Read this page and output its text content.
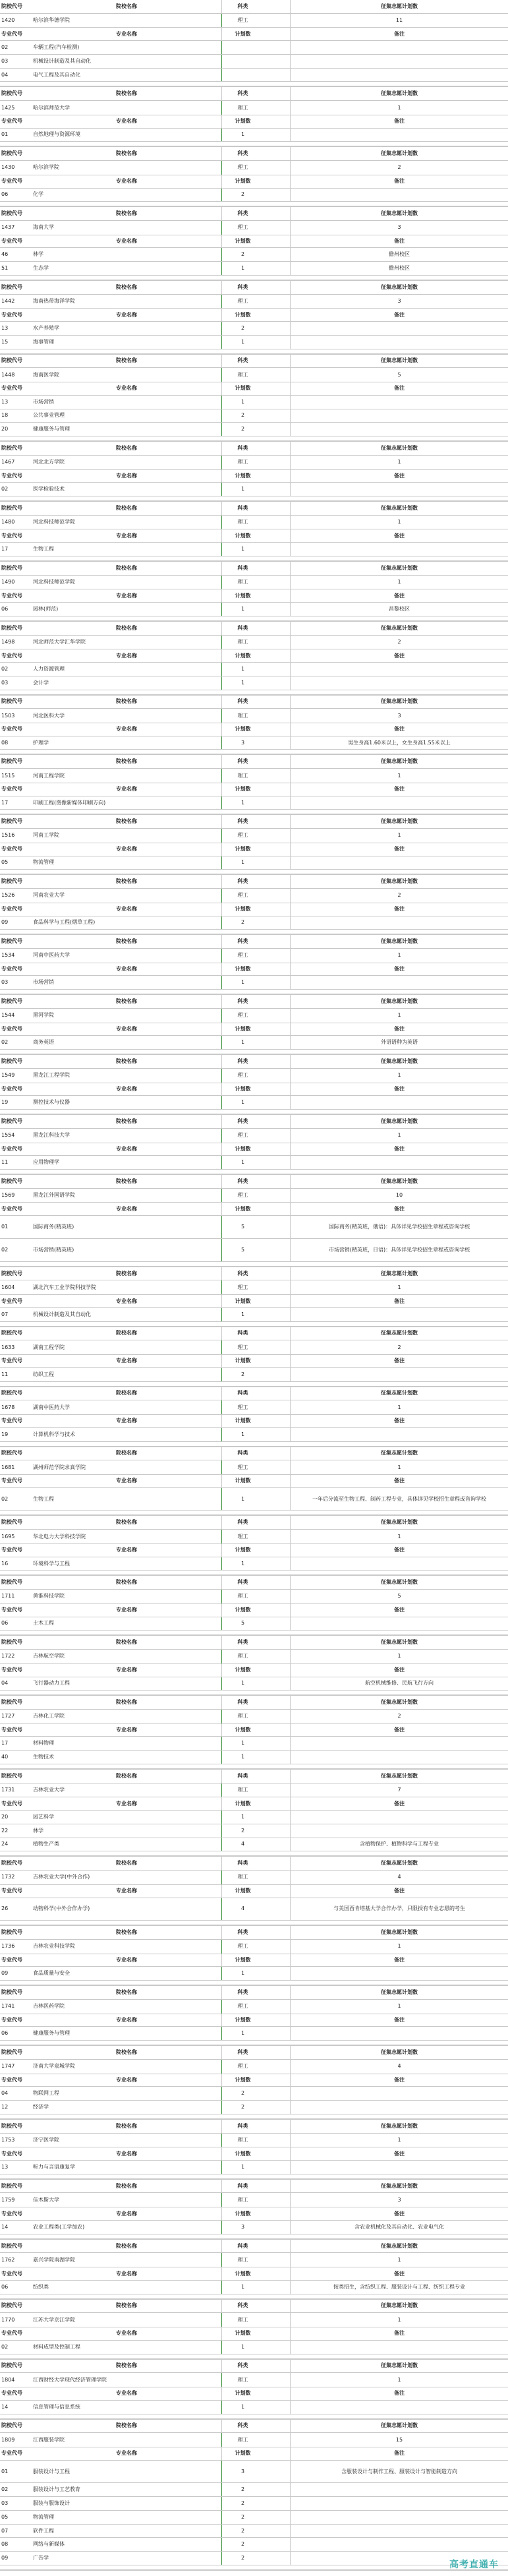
院校代号	院校名称	科类	征集志愿计划数
1420	哈尔滨华德学院	理工	11
专业代号	专业名称	计划数	备注
02	车辆工程(汽车检测)
03	机械设计制造及其自动化
04	电气工程及其自动化
院校代号	院校名称	科类	征集志愿计划数
1425	哈尔滨师范大学	理工	1
专业代号	专业名称	计划数	备注
01	自然地理与资源环境	1
院校代号	院校名称	科类	征集志愿计划数
1430	哈尔滨学院	理工	2
专业代号	专业名称	计划数	备注
06	化学	2
院校代号	院校名称	科类	征集志愿计划数
1437	海南大学	理工	3
专业代号	专业名称	计划数	备注
46	林学	2	儋州校区
51	生态学	1	儋州校区
院校代号	院校名称	科类	征集志愿计划数
1442	海南热带海洋学院	理工	3
专业代号	专业名称	计划数	备注
13	水产养殖学	2
15	海事管理	1
院校代号	院校名称	科类	征集志愿计划数
1448	海南医学院	理工	5
专业代号	专业名称	计划数	备注
13	市场营销	1
18	公共事业管理	2
20	健康服务与管理	2
院校代号	院校名称	科类	征集志愿计划数
1467	河北北方学院	理工	1
专业代号	专业名称	计划数	备注
02	医学检验技术	1
院校代号	院校名称	科类	征集志愿计划数
1480	河北科技师范学院	理工	1
专业代号	专业名称	计划数	备注
17	生物工程	1
院校代号	院校名称	科类	征集志愿计划数
1490	河北科技师范学院	理工	1
专业代号	专业名称	计划数	备注
06	园林(师范)	1	昌黎校区
院校代号	院校名称	科类	征集志愿计划数
1498	河北师范大学汇华学院	理工	2
专业代号	专业名称	计划数	备注
02	人力资源管理	1
03	会计学	1
院校代号	院校名称	科类	征集志愿计划数
1503	河北医科大学	理工	3
专业代号	专业名称	计划数	备注
08	护理学	3	男生身高1.60米以上，女生身高1.55米以上
院校代号	院校名称	科类	征集志愿计划数
1515	河南工程学院	理工	1
专业代号	专业名称	计划数	备注
17	印刷工程(图像新媒体印刷方向)	1
院校代号	院校名称	科类	征集志愿计划数
1516	河南工学院	理工	1
专业代号	专业名称	计划数	备注
05	物流管理	1
院校代号	院校名称	科类	征集志愿计划数
1526	河南农业大学	理工	2
专业代号	专业名称	计划数	备注
09	食品科学与工程(烟草工程)	2
院校代号	院校名称	科类	征集志愿计划数
1534	河南中医药大学	理工	1
专业代号	专业名称	计划数	备注
03	市场营销	1
院校代号	院校名称	科类	征集志愿计划数
1544	黑河学院	理工	1
专业代号	专业名称	计划数	备注
02	商务英语	1	外语语种为英语
院校代号	院校名称	科类	征集志愿计划数
1549	黑龙江工程学院	理工	1
专业代号	专业名称	计划数	备注
19	测控技术与仪器	1
院校代号	院校名称	科类	征集志愿计划数
1554	黑龙江科技大学	理工	1
专业代号	专业名称	计划数	备注
11	应用物理学	1
院校代号	院校名称	科类	征集志愿计划数
1569	黑龙江外国语学院	理工	10
专业代号	专业名称	计划数	备注
01	国际商务(精英班)	5	国际商务(精英班，俄语)：具体详见学校招生章程或咨询学校
02	市场营销(精英班)	5	市场营销(精英班，日语)：具体详见学校招生章程或咨询学校
院校代号	院校名称	科类	征集志愿计划数
1604	湖北汽车工业学院科技学院	理工	1
专业代号	专业名称	计划数	备注
07	机械设计制造及其自动化	1
院校代号	院校名称	科类	征集志愿计划数
1633	湖南工程学院	理工	2
专业代号	专业名称	计划数	备注
11	纺织工程	2
院校代号	院校名称	科类	征集志愿计划数
1678	湖南中医药大学	理工	1
专业代号	专业名称	计划数	备注
19	计算机科学与技术	1
院校代号	院校名称	科类	征集志愿计划数
1681	湖州师范学院求真学院	理工	1
专业代号	专业名称	计划数	备注
02	生物工程	1	一年后分流至生物工程、制药工程专业，具体详见学校招生章程或咨询学校
院校代号	院校名称	科类	征集志愿计划数
1695	华北电力大学科技学院	理工	1
专业代号	专业名称	计划数	备注
16	环境科学与工程	1
院校代号	院校名称	科类	征集志愿计划数
1711	黄淮科技学院	理工	5
专业代号	专业名称	计划数	备注
06	土木工程	5
院校代号	院校名称	科类	征集志愿计划数
1722	吉林航空学院	理工	1
专业代号	专业名称	计划数	备注
04	飞行器动力工程	1	航空机械维修、民航飞行方向
院校代号	院校名称	科类	征集志愿计划数
1727	吉林化工学院	理工	2
专业代号	专业名称	计划数	备注
17	材料物理	1
40	生物技术	1
院校代号	院校名称	科类	征集志愿计划数
1731	吉林农业大学	理工	7
专业代号	专业名称	计划数	备注
20	园艺科学	1
22	林学	2
24	植物生产类	4	含植物保护、植物科学与工程专业
院校代号	院校名称	科类	征集志愿计划数
1732	吉林农业大学(中外合作)	理工	4
专业代号	专业名称	计划数	备注
26	动物科学(中外合作办学)	4	与美国西肯塔基大学合作办学，只限授有专业志愿的考生
院校代号	院校名称	科类	征集志愿计划数
1736	吉林农业科技学院	理工	1
专业代号	专业名称	计划数	备注
09	食品质量与安全	1
院校代号	院校名称	科类	征集志愿计划数
1741	吉林医药学院	理工	1
专业代号	专业名称	计划数	备注
06	健康服务与管理	1
院校代号	院校名称	科类	征集志愿计划数
1747	济南大学泉城学院	理工	4
专业代号	专业名称	计划数	备注
04	物联网工程	2
12	经济学	2
院校代号	院校名称	科类	征集志愿计划数
1753	济宁医学院	理工	1
专业代号	专业名称	计划数	备注
13	听力与言语康复学	1
院校代号	院校名称	科类	征集志愿计划数
1759	佳木斯大学	理工	3
专业代号	专业名称	计划数	备注
14	农业工程类(工学加农)	3	含农业机械化及其自动化、农业电气化
院校代号	院校名称	科类	征集志愿计划数
1762	嘉兴学院南湖学院	理工	1
专业代号	专业名称	计划数	备注
06	纺织类	1	按类招生，含纺织工程、服装设计与工程、纺织工程专业
院校代号	院校名称	科类	征集志愿计划数
1770	江苏大学京江学院	理工	1
专业代号	专业名称	计划数	备注
02	材料成型及控制工程	1
院校代号	院校名称	科类	征集志愿计划数
1804	江西财经大学现代经济管理学院	理工	1
专业代号	专业名称	计划数	备注
14	信息管理与信息系统	1
院校代号	院校名称	科类	征集志愿计划数
1809	江西服装学院	理工	15
专业代号	专业名称	计划数	备注
01	服装设计与工程	3	含服装设计与制作工程、服装设计与智能制造方向
02	服装设计与工艺教育	2
03	服装与服饰设计	2
05	物流管理	2
07	软件工程	2
08	网络与新媒体	2
09	广告学	2
高考直通车
